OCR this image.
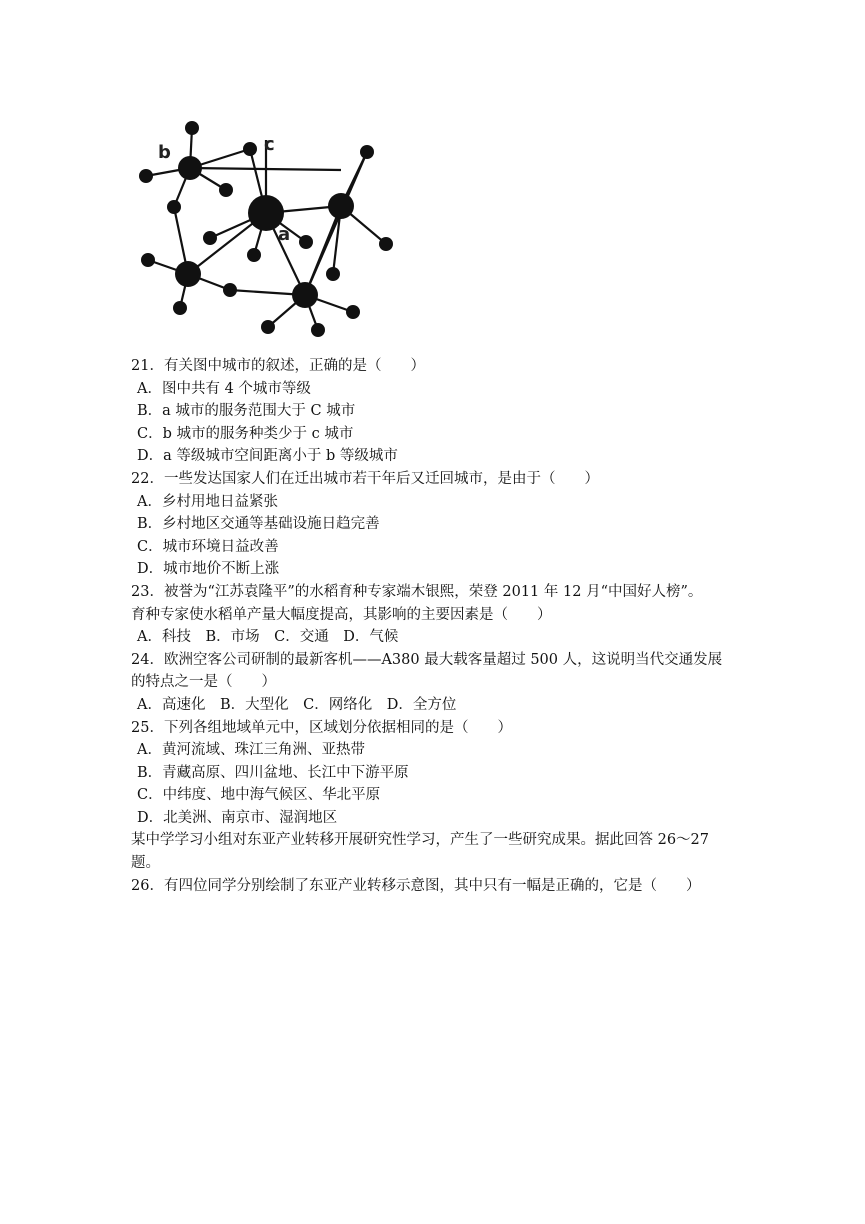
b	c
a
21．有关图中城市的叙述，正确的是（　　）
A．图中共有 4 个城市等级
B．a 城市的服务范围大于 C 城市
C．b 城市的服务种类少于 c 城市
D．a 等级城市空间距离小于 b 等级城市
22．一些发达国家人们在迁出城市若干年后又迁回城市，是由于（　　）
A．乡村用地日益紧张
B．乡村地区交通等基础设施日趋完善
C．城市环境日益改善
D．城市地价不断上涨
23．被誉为“江苏袁隆平”的水稻育种专家端木银熙，荣登 2011 年 12 月“中国好人榜”。
育种专家使水稻单产量大幅度提高，其影响的主要因素是（　　）
A．科技　B．市场　C．交通　D．气候
24．欧洲空客公司研制的最新客机——A380 最大载客量超过 500 人，这说明当代交通发展
的特点之一是（　　）
A．高速化　B．大型化　C．网络化　D．全方位
25．下列各组地域单元中，区域划分依据相同的是（　　）
A．黄河流域、珠江三角洲、亚热带
B．青藏高原、四川盆地、长江中下游平原
C．中纬度、地中海气候区、华北平原
D．北美洲、南京市、湿润地区
某中学学习小组对东亚产业转移开展研究性学习，产生了一些研究成果。据此回答 26～27
题。
26．有四位同学分别绘制了东亚产业转移示意图，其中只有一幅是正确的，它是（　　）
